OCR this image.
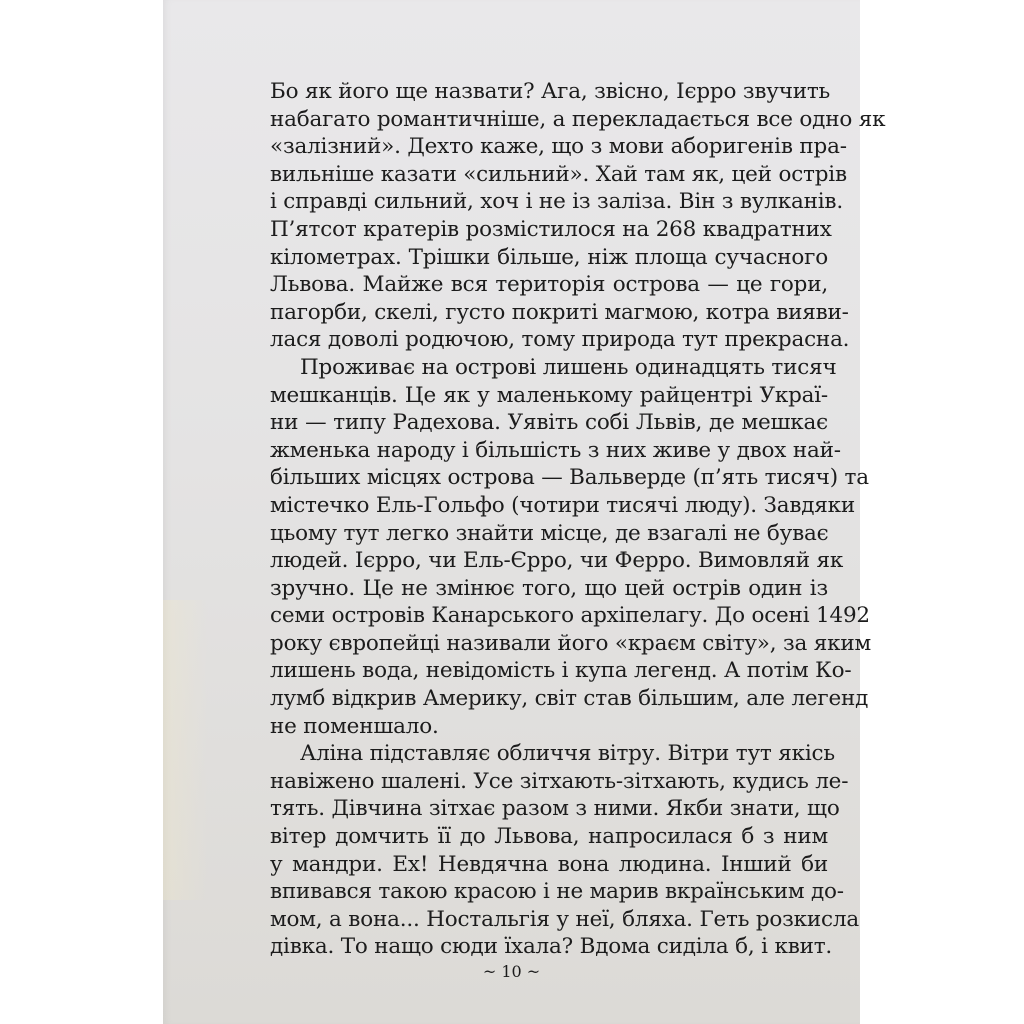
Бо як його ще назвати? Ага, звісно, Ієрро звучить
набагато романтичніше, а перекладається все одно як
«залізний». Дехто каже, що з мови аборигенів пра-
вильніше казати «сильний». Хай там як, цей острів
і справді сильний, хоч і не із заліза. Він з вулканів.
П’ятсот кратерів розмістилося на 268 квадратних
кілометрах. Трішки більше, ніж площа сучасного
Львова. Майже вся територія острова — це гори,
пагорби, скелі, густо покриті магмою, котра вияви-
лася доволі родючою, тому природа тут прекрасна.
Проживає на острові лишень одинадцять тисяч
мешканців. Це як у маленькому райцентрі Украї-
ни — типу Радехова. Уявіть собі Львів, де мешкає
жменька народу і більшість з них живе у двох най-
більших місцях острова — Вальверде (п’ять тисяч) та
містечко Ель-Гольфо (чотири тисячі люду). Завдяки
цьому тут легко знайти місце, де взагалі не буває
людей. Ієрро, чи Ель-Єрро, чи Ферро. Вимовляй як
зручно. Це не змінює того, що цей острів один із
семи островів Канарського архіпелагу. До осені 1492
року європейці називали його «краєм світу», за яким
лишень вода, невідомість і купа легенд. А потім Ко-
лумб відкрив Америку, світ став більшим, але легенд
не поменшало.
Аліна підставляє обличчя вітру. Вітри тут якісь
навіжено шалені. Усе зітхають-зітхають, кудись ле-
тять. Дівчина зітхає разом з ними. Якби знати, що
вітер домчить її до Львова, напросилася б з ним
у мандри. Ех! Невдячна вона людина. Інший би
впивався такою красою і не марив вкраїнським до-
мом, а вона... Ностальгія у неї, бляха. Геть розкисла
дівка. То нащо сюди їхала? Вдома сиділа б, і квит.
~ 10 ~
